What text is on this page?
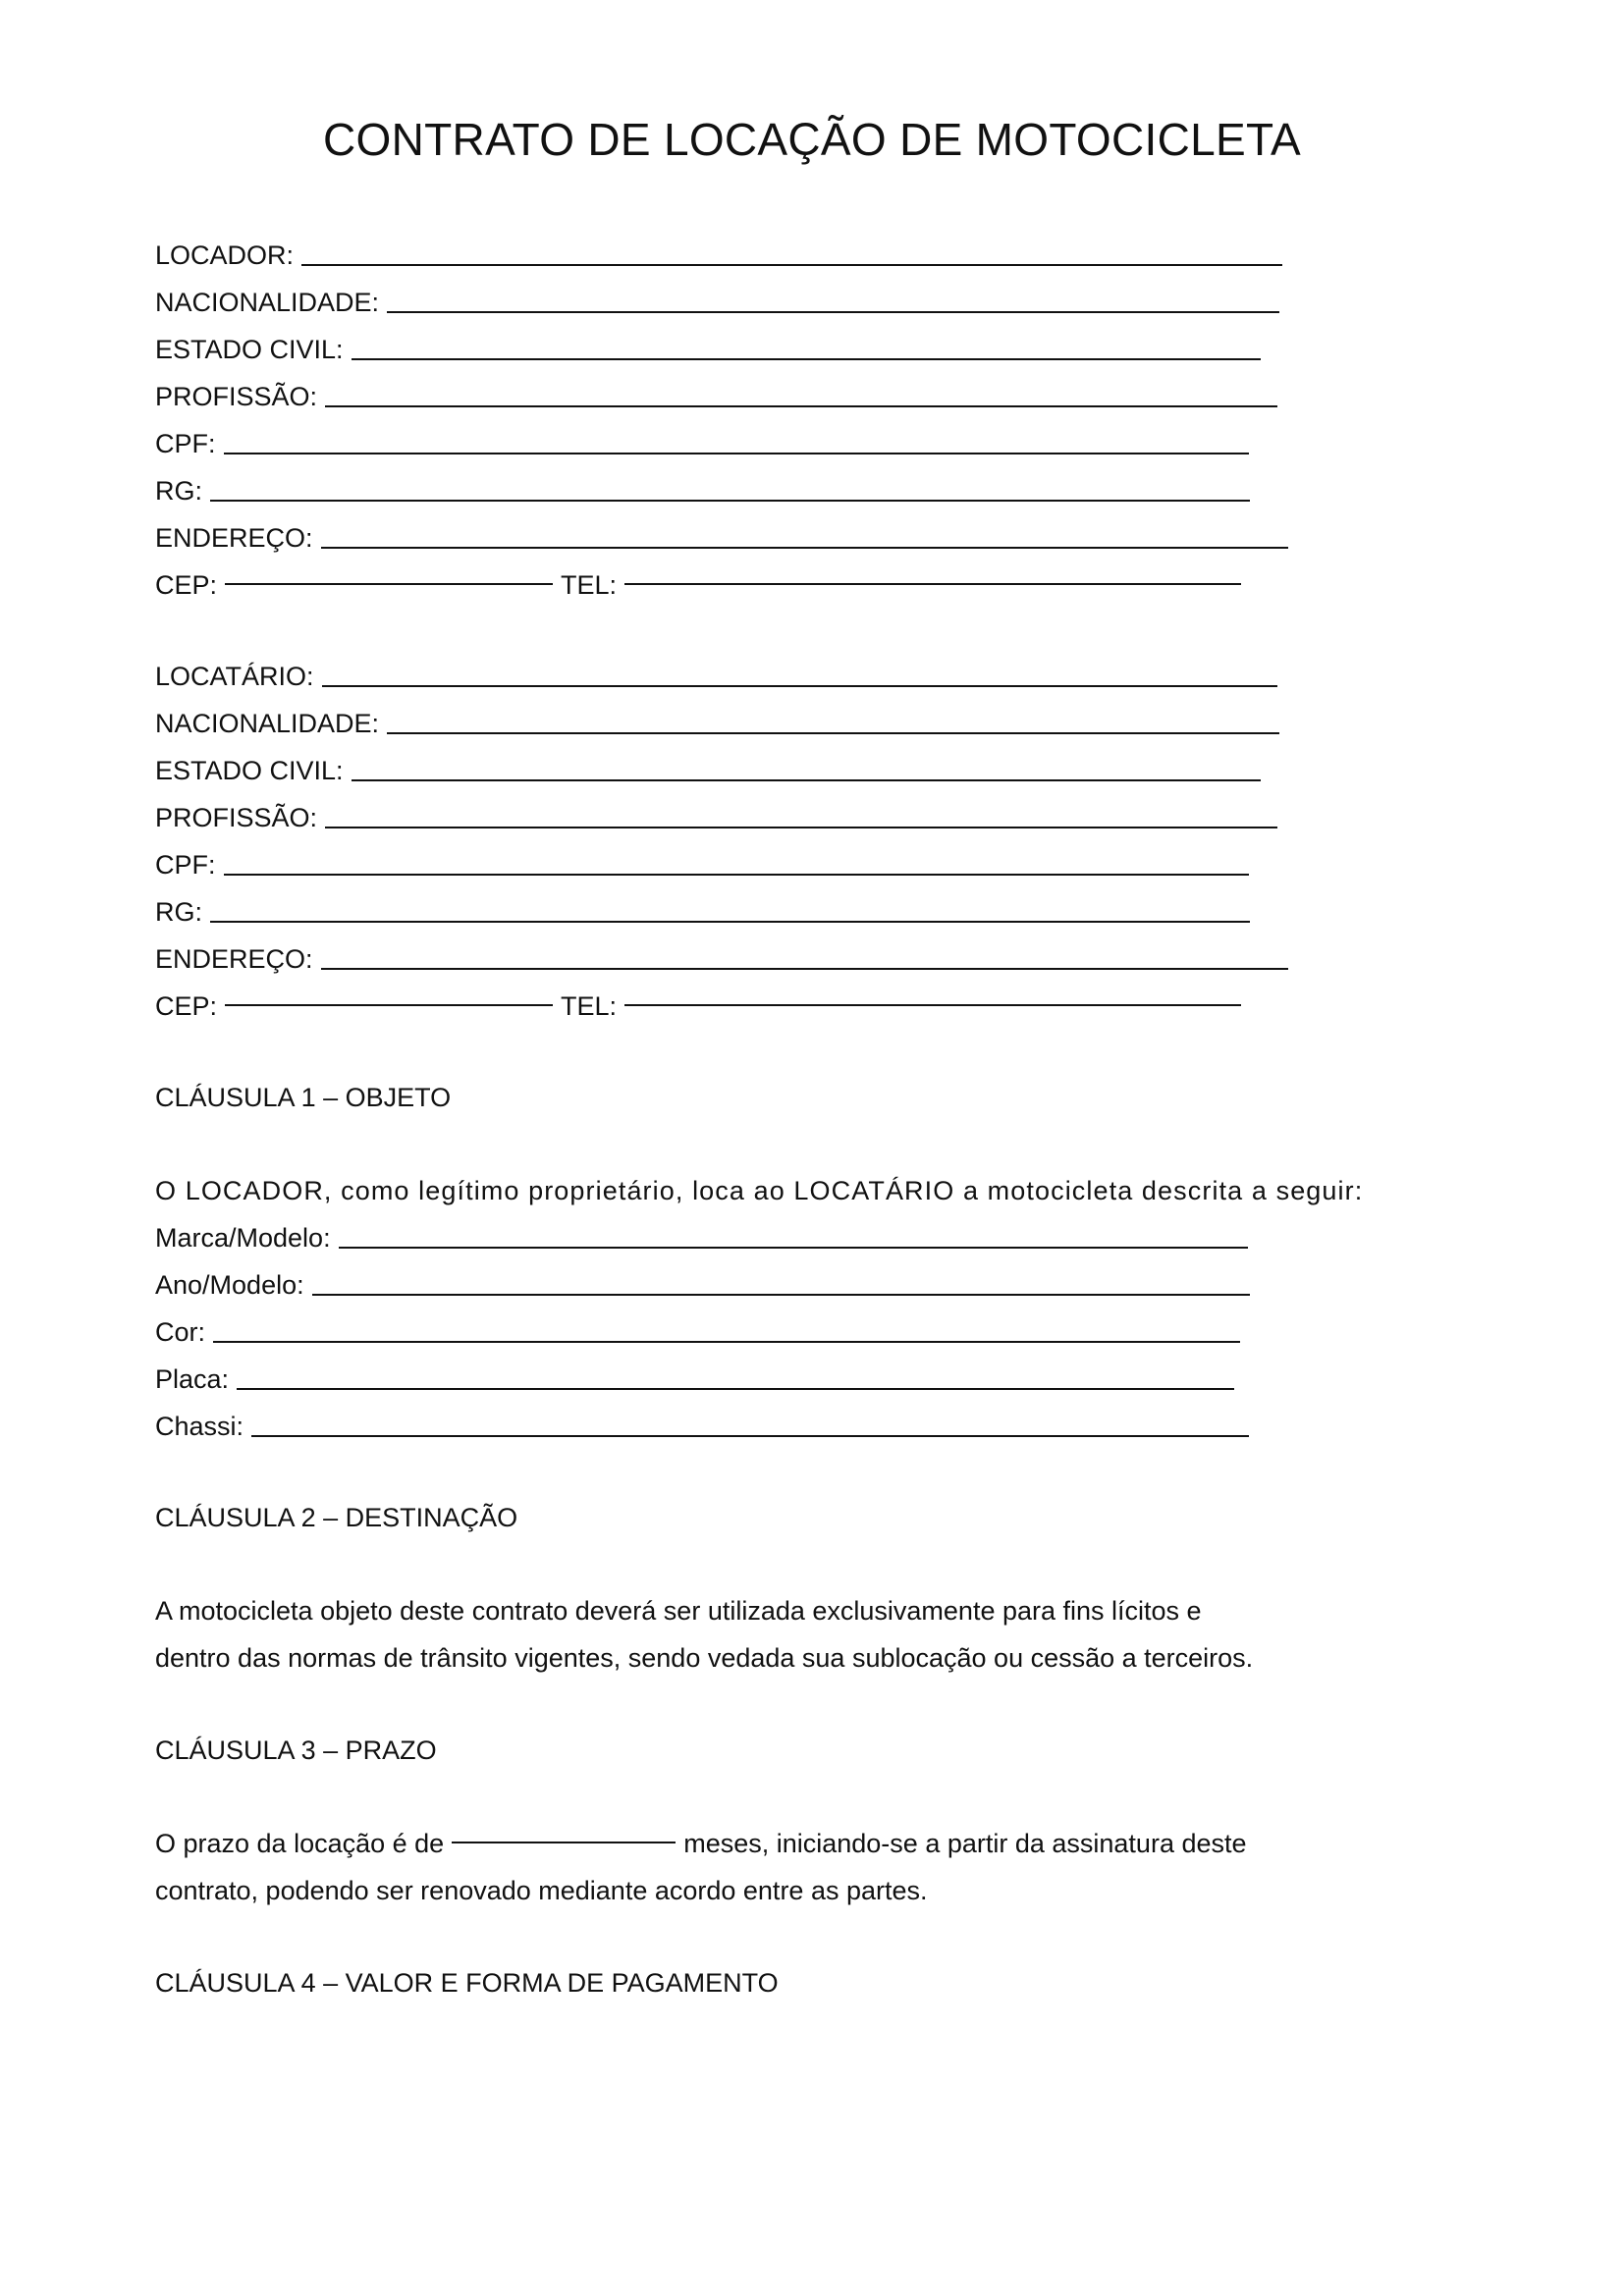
CONTRATO DE LOCAÇÃO DE MOTOCICLETA
LOCADOR:
NACIONALIDADE:
ESTADO CIVIL:
PROFISSÃO:
CPF:
RG:
ENDEREÇO:
CEP:	TEL:
LOCATÁRIO:
NACIONALIDADE:
ESTADO CIVIL:
PROFISSÃO:
CPF:
RG:
ENDEREÇO:
CEP:	TEL:
CLÁUSULA 1 – OBJETO
O LOCADOR, como legítimo proprietário, loca ao LOCATÁRIO a motocicleta descrita a seguir:
Marca/Modelo:
Ano/Modelo:
Cor:
Placa:
Chassi:
CLÁUSULA 2 – DESTINAÇÃO
A motocicleta objeto deste contrato deverá ser utilizada exclusivamente para fins lícitos e
dentro das normas de trânsito vigentes, sendo vedada sua sublocação ou cessão a terceiros.
CLÁUSULA 3 – PRAZO
O prazo da locação é de	meses, iniciando-se a partir da assinatura deste
contrato, podendo ser renovado mediante acordo entre as partes.
CLÁUSULA 4 – VALOR E FORMA DE PAGAMENTO
